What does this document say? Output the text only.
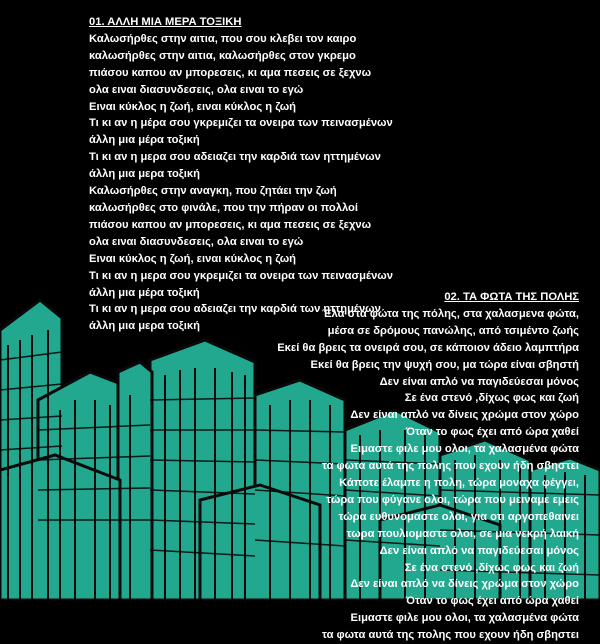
01. ΑΛΛΗ ΜΙΑ ΜΕΡΑ ΤΟΞΙΚΗ
Καλωσήρθες στην αιτια, που σου κλεβει τον καιρο
καλωσήρθες στην αιτια, καλωσήρθες στον γκρεμο
πιάσου καπου αν μπορεσεις, κι αμα πεσεις σε ξεχνω
ολα ειναι διασυνδεσεις, ολα ειναι το εγώ
Ειναι κύκλος η ζωή, ειναι κύκλος η ζωή
Τι κι αν η μέρα σου γκρεμιζει τα ονειρα των πεινασμένων
άλλη μια μέρα τοξική
Τι κι αν η μερα σου αδειαζει την καρδιά των ηττημένων
άλλη μια μερα τοξική
Καλωσήρθες στην αναγκη, που ζητάει την ζωή
καλωσήρθες στο φινάλε, που την πήραν οι πολλοί
πιάσου καπου αν μπορεσεις, κι αμα πεσεις σε ξεχνω
ολα ειναι διασυνδεσεις, ολα ειναι το εγώ
Ειναι κύκλος η ζωή, ειναι κύκλος η ζωή
Τι κι αν η μερα σου γκρεμιζει τα ονειρα των πεινασμένων
άλλη μια μέρα τοξική
Τι κι αν η μερα σου αδειαζει την καρδιά των ηττημένων
άλλη μια μερα τοξική
02. ΤΑ ΦΩΤΑ ΤΗΣ ΠΟΛΗΣ
Έλα στα φώτα της πόλης, στα χαλασμενα φώτα,
μέσα σε δρόμους πανώλης, από τσιμέντο ζωής
Εκεί θα βρεις τα ονειρά σου, σε κάποιον άδειο λαμπτήρα
Εκεί θα βρεις την ψυχή σου, μα τώρα είναι σβηστή
Δεν είναι απλό να παγιδεύεσαι μόνος
Σε ένα στενό ,δίχως φως και ζωή
Δεν είναι απλό να δίνεις χρώμα στον χώρο
Όταν το φως έχει από ώρα χαθεί
Ειμαστε φιλε μου ολοι, τα χαλασμένα φώτα
τα φωτα αυτά της πολης που εχουν ήδη σβηστει
Κάποτε έλαμπε η πολη, τώρα μοναχα φέγγει,
τώρα που φύγανε ολοι, τώρα που μειναμε εμεις
τώρα ευθυνομαστε ολοι, για οτι αργοπεθαινει
τωρα πουλιομαστε ολοι, σε μια νεκρή λαική
Δεν είναι απλό να παγιδεύεσαι μόνος
Σε ένα στενό ,δίχως φως και ζωή
Δεν είναι απλό να δίνεις χρώμα στον χώρο
Όταν το φως έχει από ώρα χαθεί
Ειμαστε φιλε μου ολοι, τα χαλασμένα φώτα
τα φωτα αυτά της πολης που εχουν ήδη σβηστει
